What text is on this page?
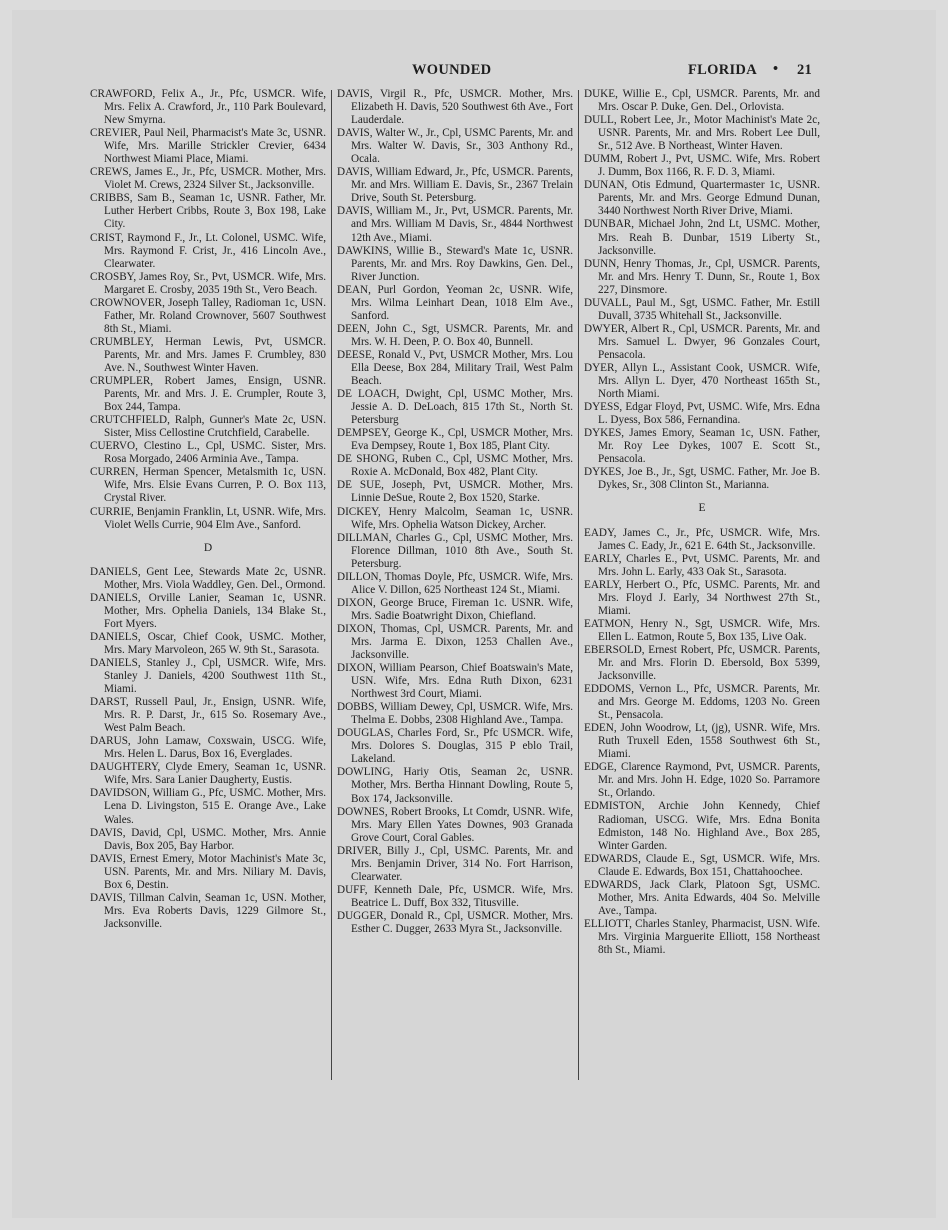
WOUNDED	FLORIDA • 21

CRAWFORD, Felix A., Jr., Pfc, USMCR. Wife, Mrs. Felix A. Crawford, Jr., 110 Park Boulevard, New Smyrna.

CREVIER, Paul Neil, Pharmacist's Mate 3c, USNR. Wife, Mrs. Marille Strickler Crevier, 6434 Northwest Miami Place, Miami.

CREWS, James E., Jr., Pfc, USMCR. Mother, Mrs. Violet M. Crews, 2324 Silver St., Jacksonville.

CRIBBS, Sam B., Seaman 1c, USNR. Father, Mr. Luther Herbert Cribbs, Route 3, Box 198, Lake City.

CRIST, Raymond F., Jr., Lt. Colonel, USMC. Wife, Mrs. Raymond F. Crist, Jr., 416 Lincoln Ave., Clearwater.

CROSBY, James Roy, Sr., Pvt, USMCR. Wife, Mrs. Margaret E. Crosby, 2035 19th St., Vero Beach.

CROWNOVER, Joseph Talley, Radioman 1c, USN. Father, Mr. Roland Crownover, 5607 Southwest 8th St., Miami.

CRUMBLEY, Herman Lewis, Pvt, USMCR. Parents, Mr. and Mrs. James F. Crumbley, 830 Ave. N., Southwest Winter Haven.

CRUMPLER, Robert James, Ensign, USNR. Parents, Mr. and Mrs. J. E. Crumpler, Route 3, Box 244, Tampa.

CRUTCHFIELD, Ralph, Gunner's Mate 2c, USN. Sister, Miss Cellostine Crutchfield, Carabelle.

CUERVO, Clestino L., Cpl, USMC. Sister, Mrs. Rosa Morgado, 2406 Arminia Ave., Tampa.

CURREN, Herman Spencer, Metalsmith 1c, USN. Wife, Mrs. Elsie Evans Curren, P. O. Box 113, Crystal River.

CURRIE, Benjamin Franklin, Lt, USNR. Wife, Mrs. Violet Wells Currie, 904 Elm Ave., Sanford.

D

DANIELS, Gent Lee, Stewards Mate 2c, USNR. Mother, Mrs. Viola Waddley, Gen. Del., Ormond.

DANIELS, Orville Lanier, Seaman 1c, USNR. Mother, Mrs. Ophelia Daniels, 134 Blake St., Fort Myers.

DANIELS, Oscar, Chief Cook, USMC. Mother, Mrs. Mary Marvoleon, 265 W. 9th St., Sarasota.

DANIELS, Stanley J., Cpl, USMCR. Wife, Mrs. Stanley J. Daniels, 4200 Southwest 11th St., Miami.

DARST, Russell Paul, Jr., Ensign, USNR. Wife, Mrs. R. P. Darst, Jr., 615 So. Rosemary Ave., West Palm Beach.

DARUS, John Lamaw, Coxswain, USCG. Wife, Mrs. Helen L. Darus, Box 16, Everglades.

DAUGHTERY, Clyde Emery, Seaman 1c, USNR. Wife, Mrs. Sara Lanier Daugherty, Eustis.

DAVIDSON, William G., Pfc, USMC. Mother, Mrs. Lena D. Livingston, 515 E. Orange Ave., Lake Wales.

DAVIS, David, Cpl, USMC. Mother, Mrs. Annie Davis, Box 205, Bay Harbor.

DAVIS, Ernest Emery, Motor Machinist's Mate 3c, USN. Parents, Mr. and Mrs. Niliary M. Davis, Box 6, Destin.

DAVIS, Tillman Calvin, Seaman 1c, USN. Mother, Mrs. Eva Roberts Davis, 1229 Gilmore St., Jacksonville.

DAVIS, Virgil R., Pfc, USMCR. Mother, Mrs. Elizabeth H. Davis, 520 Southwest 6th Ave., Fort Lauderdale.

DAVIS, Walter W., Jr., Cpl, USMC Parents, Mr. and Mrs. Walter W. Davis, Sr., 303 Anthony Rd., Ocala.

DAVIS, William Edward, Jr., Pfc, USMCR. Parents, Mr. and Mrs. William E. Davis, Sr., 2367 Trelain Drive, South St. Petersburg.

DAVIS, William M., Jr., Pvt, USMCR. Parents, Mr. and Mrs. William M Davis, Sr., 4844 Northwest 12th Ave., Miami.

DAWKINS, Willie B., Steward's Mate 1c, USNR. Parents, Mr. and Mrs. Roy Dawkins, Gen. Del., River Junction.

DEAN, Purl Gordon, Yeoman 2c, USNR. Wife, Mrs. Wilma Leinhart Dean, 1018 Elm Ave., Sanford.

DEEN, John C., Sgt, USMCR. Parents, Mr. and Mrs. W. H. Deen, P. O. Box 40, Bunnell.

DEESE, Ronald V., Pvt, USMCR Mother, Mrs. Lou Ella Deese, Box 284, Military Trail, West Palm Beach.

DE LOACH, Dwight, Cpl, USMC Mother, Mrs. Jessie A. D. DeLoach, 815 17th St., North St. Petersburg

DEMPSEY, George K., Cpl, USMCR Mother, Mrs. Eva Dempsey, Route 1, Box 185, Plant City.

DE SHONG, Ruben C., Cpl, USMC Mother, Mrs. Roxie A. McDonald, Box 482, Plant City.

DE SUE, Joseph, Pvt, USMCR. Mother, Mrs. Linnie DeSue, Route 2, Box 1520, Starke.

DICKEY, Henry Malcolm, Seaman 1c, USNR. Wife, Mrs. Ophelia Watson Dickey, Archer.

DILLMAN, Charles G., Cpl, USMC Mother, Mrs. Florence Dillman, 1010 8th Ave., South St. Petersburg.

DILLON, Thomas Doyle, Pfc, USMCR. Wife, Mrs. Alice V. Dillon, 625 Northeast 124 St., Miami.

DIXON, George Bruce, Fireman 1c. USNR. Wife, Mrs. Sadie Boatwright Dixon, Chiefland.

DIXON, Thomas, Cpl, USMCR. Parents, Mr. and Mrs. Jarma E. Dixon, 1253 Challen Ave., Jacksonville.

DIXON, William Pearson, Chief Boatswain's Mate, USN. Wife, Mrs. Edna Ruth Dixon, 6231 Northwest 3rd Court, Miami.

DOBBS, William Dewey, Cpl, USMCR. Wife, Mrs. Thelma E. Dobbs, 2308 Highland Ave., Tampa.

DOUGLAS, Charles Ford, Sr., Pfc USMCR. Wife, Mrs. Dolores S. Douglas, 315 P eblo Trail, Lakeland.

DOWLING, Hariy Otis, Seaman 2c, USNR. Mother, Mrs. Bertha Hinnant Dowling, Route 5, Box 174, Jacksonville.

DOWNES, Robert Brooks, Lt Comdr, USNR. Wife, Mrs. Mary Ellen Yates Downes, 903 Granada Grove Court, Coral Gables.

DRIVER, Billy J., Cpl, USMC. Parents, Mr. and Mrs. Benjamin Driver, 314 No. Fort Harrison, Clearwater.

DUFF, Kenneth Dale, Pfc, USMCR. Wife, Mrs. Beatrice L. Duff, Box 332, Titusville.

DUGGER, Donald R., Cpl, USMCR. Mother, Mrs. Esther C. Dugger, 2633 Myra St., Jacksonville.

DUKE, Willie E., Cpl, USMCR. Parents, Mr. and Mrs. Oscar P. Duke, Gen. Del., Orlovista.

DULL, Robert Lee, Jr., Motor Machinist's Mate 2c, USNR. Parents, Mr. and Mrs. Robert Lee Dull, Sr., 512 Ave. B Northeast, Winter Haven.

DUMM, Robert J., Pvt, USMC. Wife, Mrs. Robert J. Dumm, Box 1166, R. F. D. 3, Miami.

DUNAN, Otis Edmund, Quartermaster 1c, USNR. Parents, Mr. and Mrs. George Edmund Dunan, 3440 Northwest North River Drive, Miami.

DUNBAR, Michael John, 2nd Lt, USMC. Mother, Mrs. Reah B. Dunbar, 1519 Liberty St., Jacksonville.

DUNN, Henry Thomas, Jr., Cpl, USMCR. Parents, Mr. and Mrs. Henry T. Dunn, Sr., Route 1, Box 227, Dinsmore.

DUVALL, Paul M., Sgt, USMC. Father, Mr. Estill Duvall, 3735 Whitehall St., Jacksonville.

DWYER, Albert R., Cpl, USMCR. Parents, Mr. and Mrs. Samuel L. Dwyer, 96 Gonzales Court, Pensacola.

DYER, Allyn L., Assistant Cook, USMCR. Wife, Mrs. Allyn L. Dyer, 470 Northeast 165th St., North Miami.

DYESS, Edgar Floyd, Pvt, USMC. Wife, Mrs. Edna L. Dyess, Box 586, Fernandina.

DYKES, James Emory, Seaman 1c, USN. Father, Mr. Roy Lee Dykes, 1007 E. Scott St., Pensacola.

DYKES, Joe B., Jr., Sgt, USMC. Father, Mr. Joe B. Dykes, Sr., 308 Clinton St., Marianna.

E

EADY, James C., Jr., Pfc, USMCR. Wife, Mrs. James C. Eady, Jr., 621 E. 64th St., Jacksonville.

EARLY, Charles E., Pvt, USMC. Parents, Mr. and Mrs. John L. Early, 433 Oak St., Sarasota.

EARLY, Herbert O., Pfc, USMC. Parents, Mr. and Mrs. Floyd J. Early, 34 Northwest 27th St., Miami.

EATMON, Henry N., Sgt, USMCR. Wife, Mrs. Ellen L. Eatmon, Route 5, Box 135, Live Oak.

EBERSOLD, Ernest Robert, Pfc, USMCR. Parents, Mr. and Mrs. Florin D. Ebersold, Box 5399, Jacksonville.

EDDOMS, Vernon L., Pfc, USMCR. Parents, Mr. and Mrs. George M. Eddoms, 1203 No. Green St., Pensacola.

EDEN, John Woodrow, Lt, (jg), USNR. Wife, Mrs. Ruth Truxell Eden, 1558 Southwest 6th St., Miami.

EDGE, Clarence Raymond, Pvt, USMCR. Parents, Mr. and Mrs. John H. Edge, 1020 So. Parramore St., Orlando.

EDMISTON, Archie John Kennedy, Chief Radioman, USCG. Wife, Mrs. Edna Bonita Edmiston, 148 No. Highland Ave., Box 285, Winter Garden.

EDWARDS, Claude E., Sgt, USMCR. Wife, Mrs. Claude E. Edwards, Box 151, Chattahoochee.

EDWARDS, Jack Clark, Platoon Sgt, USMC. Mother, Mrs. Anita Edwards, 404 So. Melville Ave., Tampa.

ELLIOTT, Charles Stanley, Pharmacist, USN. Wife. Mrs. Virginia Marguerite Elliott, 158 Northeast 8th St., Miami.
